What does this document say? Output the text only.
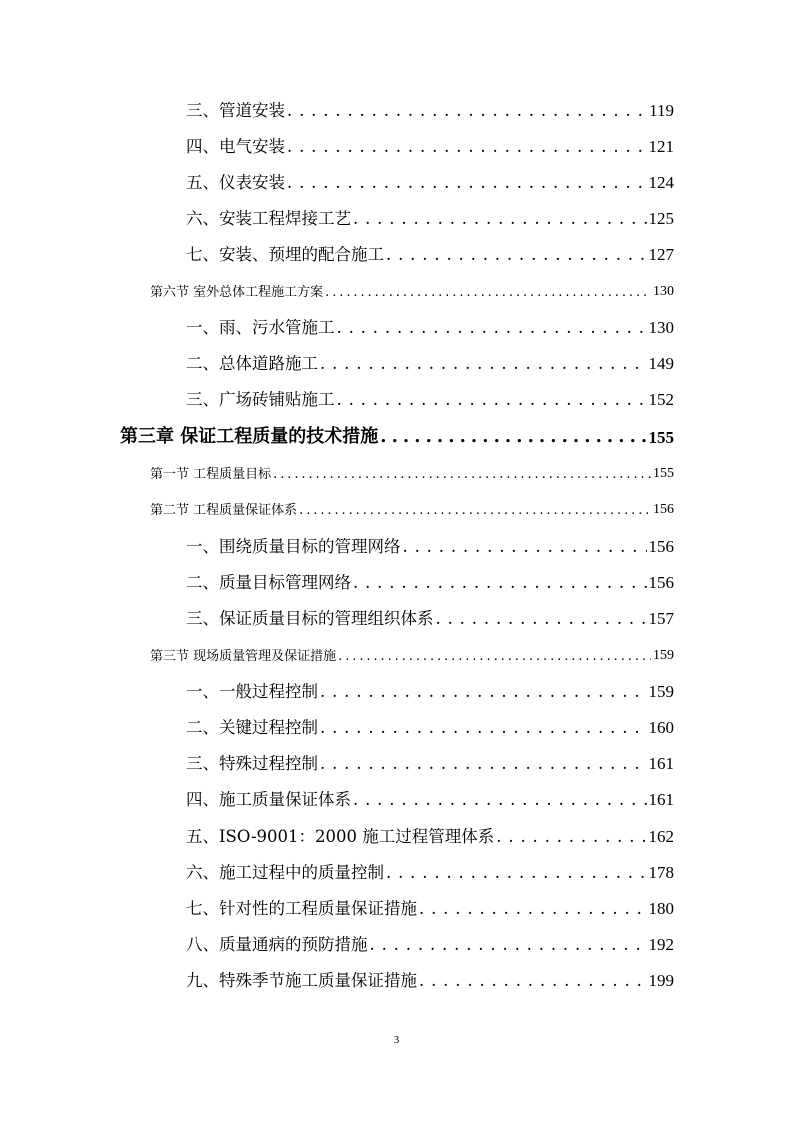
三、管道安装 . . .	119
四、电气安装 . . .	121
五、仪表安装 . . .	124
六、安装工程焊接工艺 . . .	125
七、安装、预埋的配合施工 . . .	127
第六节 室外总体工程施工方案 . . .	130
一、雨、污水管施工 . . .	130
二、总体道路施工 . . .	149
三、广场砖铺贴施工 . . .	152
第三章 保证工程质量的技术措施 . . .	155
第一节 工程质量目标 . . .	155
第二节 工程质量保证体系 . . .	156
一、围绕质量目标的管理网络 . . .	156
二、质量目标管理网络 . . .	156
三、保证质量目标的管理组织体系 . . .	157
第三节 现场质量管理及保证措施 . . .	159
一、一般过程控制 . . .	159
二、关键过程控制 . . .	160
三、特殊过程控制 . . .	161
四、施工质量保证体系 . . .	161
五、ISO-9001：2000 施工过程管理体系 . . .	162
六、施工过程中的质量控制 . . .	178
七、针对性的工程质量保证措施 . . .	180
八、质量通病的预防措施 . . .	192
九、特殊季节施工质量保证措施 . . .	199
3
